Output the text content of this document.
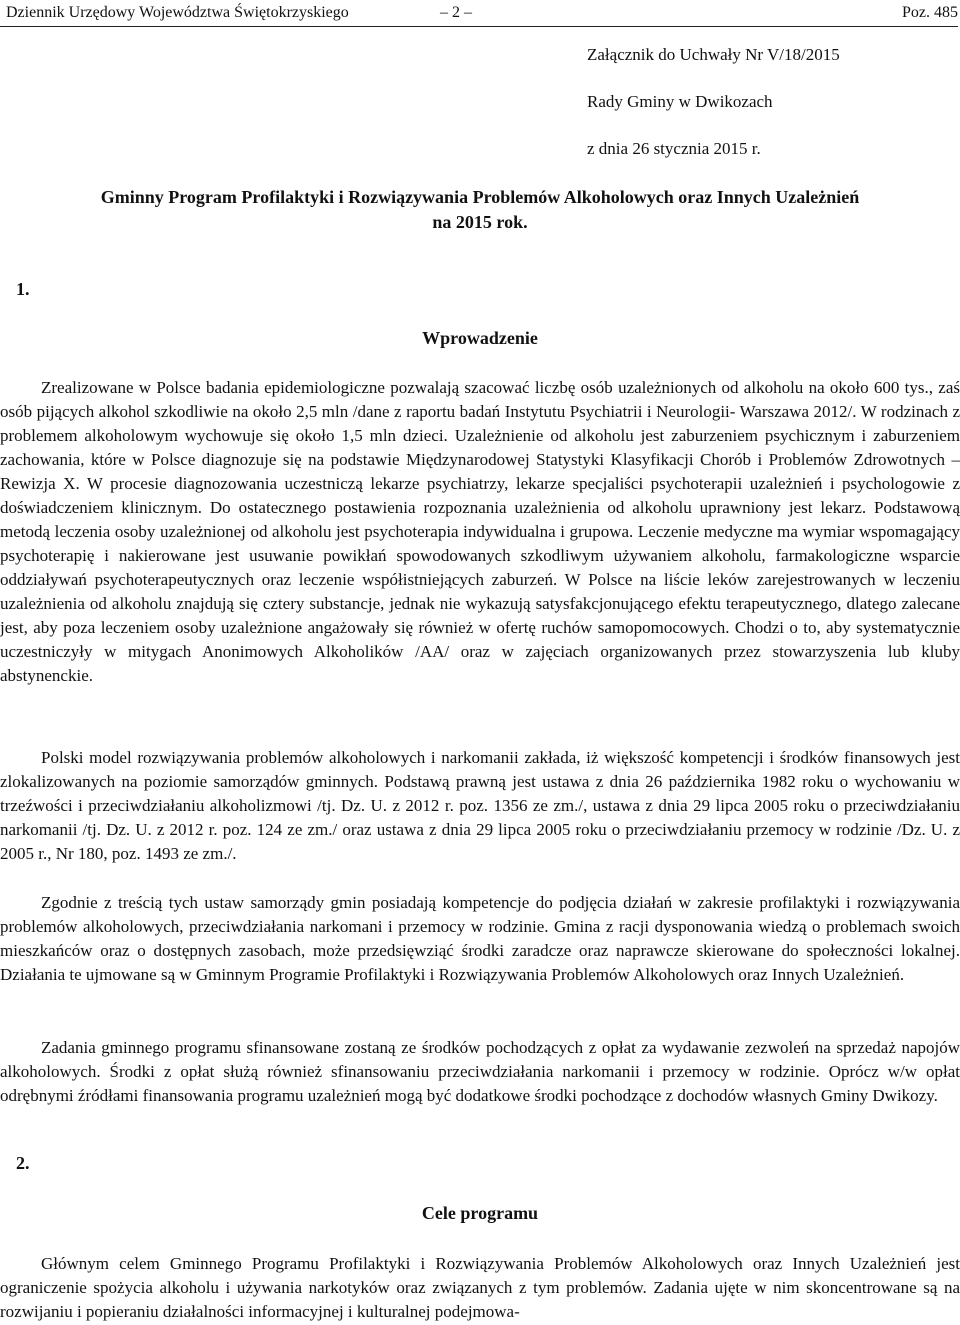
Dziennik Urzędowy Województwa Świętokrzyskiego	– 2 –	Poz. 485
Załącznik do Uchwały Nr V/18/2015
Rady Gminy w Dwikozach
z dnia 26 stycznia 2015 r.
Gminny Program Profilaktyki i Rozwiązywania Problemów Alkoholowych oraz Innych Uzależnień
na 2015 rok.
1.
Wprowadzenie

Zrealizowane w Polsce badania epidemiologiczne pozwalają szacować liczbę osób uzależnionych od alkoholu na około 600 tys., zaś osób pijących alkohol szkodliwie na około 2,5 mln /dane z raportu badań Instytutu Psychiatrii i Neurologii- Warszawa 2012/. W rodzinach z problemem alkoholowym wychowuje się około 1,5 mln dzieci. Uzależnienie od alkoholu jest zaburzeniem psychicznym i zaburzeniem zachowania, które w Polsce diagnozuje się na podstawie Międzynarodowej Statystyki Klasyfikacji Chorób i Problemów Zdrowotnych – Rewizja X. W procesie diagnozowania uczestniczą lekarze psychiatrzy, lekarze specjaliści psychoterapii uzależnień i psychologowie z doświadczeniem klinicznym. Do ostatecznego postawienia rozpoznania uzależnienia od alkoholu uprawniony jest lekarz. Podstawową metodą leczenia osoby uzależnionej od alkoholu jest psychoterapia indywidualna i grupowa. Leczenie medyczne ma wymiar wspomagający psychoterapię i nakierowane jest usuwanie powikłań spowodowanych szkodliwym używaniem alkoholu, farmakologiczne wsparcie oddziaływań psychoterapeutycznych oraz leczenie współistniejących zaburzeń. W Polsce na liście leków zarejestrowanych w leczeniu uzależnienia od alkoholu znajdują się cztery substancje, jednak nie wykazują satysfakcjonującego efektu terapeutycznego, dlatego zalecane jest, aby poza leczeniem osoby uzależnione angażowały się również w ofertę ruchów samopomocowych. Chodzi o to, aby systematycznie uczestniczyły w mitygach Anonimowych Alkoholików /AA/ oraz w zajęciach organizowanych przez stowarzyszenia lub kluby abstynenckie.

Polski model rozwiązywania problemów alkoholowych i narkomanii zakłada, iż większość kompetencji i środków finansowych jest zlokalizowanych na poziomie samorządów gminnych. Podstawą prawną jest ustawa z dnia 26 października 1982 roku o wychowaniu w trzeźwości i przeciwdziałaniu alkoholizmowi /tj. Dz. U. z 2012 r. poz. 1356 ze zm./, ustawa z dnia 29 lipca 2005 roku o przeciwdziałaniu narkomanii /tj. Dz. U. z 2012 r. poz. 124 ze zm./ oraz ustawa z dnia 29 lipca 2005 roku o przeciwdziałaniu przemocy w rodzinie /Dz. U. z 2005 r., Nr 180, poz. 1493 ze zm./.

Zgodnie z treścią tych ustaw samorządy gmin posiadają kompetencje do podjęcia działań w zakresie profilaktyki i rozwiązywania problemów alkoholowych, przeciwdziałania narkomani i przemocy w rodzinie. Gmina z racji dysponowania wiedzą o problemach swoich mieszkańców oraz o dostępnych zasobach, może przedsięwziąć środki zaradcze oraz naprawcze skierowane do społeczności lokalnej. Działania te ujmowane są w Gminnym Programie Profilaktyki i Rozwiązywania Problemów Alkoholowych oraz Innych Uzależnień.

Zadania gminnego programu sfinansowane zostaną ze środków pochodzących z opłat za wydawanie zezwoleń na sprzedaż napojów alkoholowych. Środki z opłat służą również sfinansowaniu przeciwdziałania narkomanii i przemocy w rodzinie. Oprócz w/w opłat odrębnymi źródłami finansowania programu uzależnień mogą być dodatkowe środki pochodzące z dochodów własnych Gminy Dwikozy.

2.
Cele programu

Głównym celem Gminnego Programu Profilaktyki i Rozwiązywania Problemów Alkoholowych oraz Innych Uzależnień jest ograniczenie spożycia alkoholu i używania narkotyków oraz związanych z tym problemów. Zadania ujęte w nim skoncentrowane są na rozwijaniu i popieraniu działalności informacyjnej i kulturalnej podejmowa-
